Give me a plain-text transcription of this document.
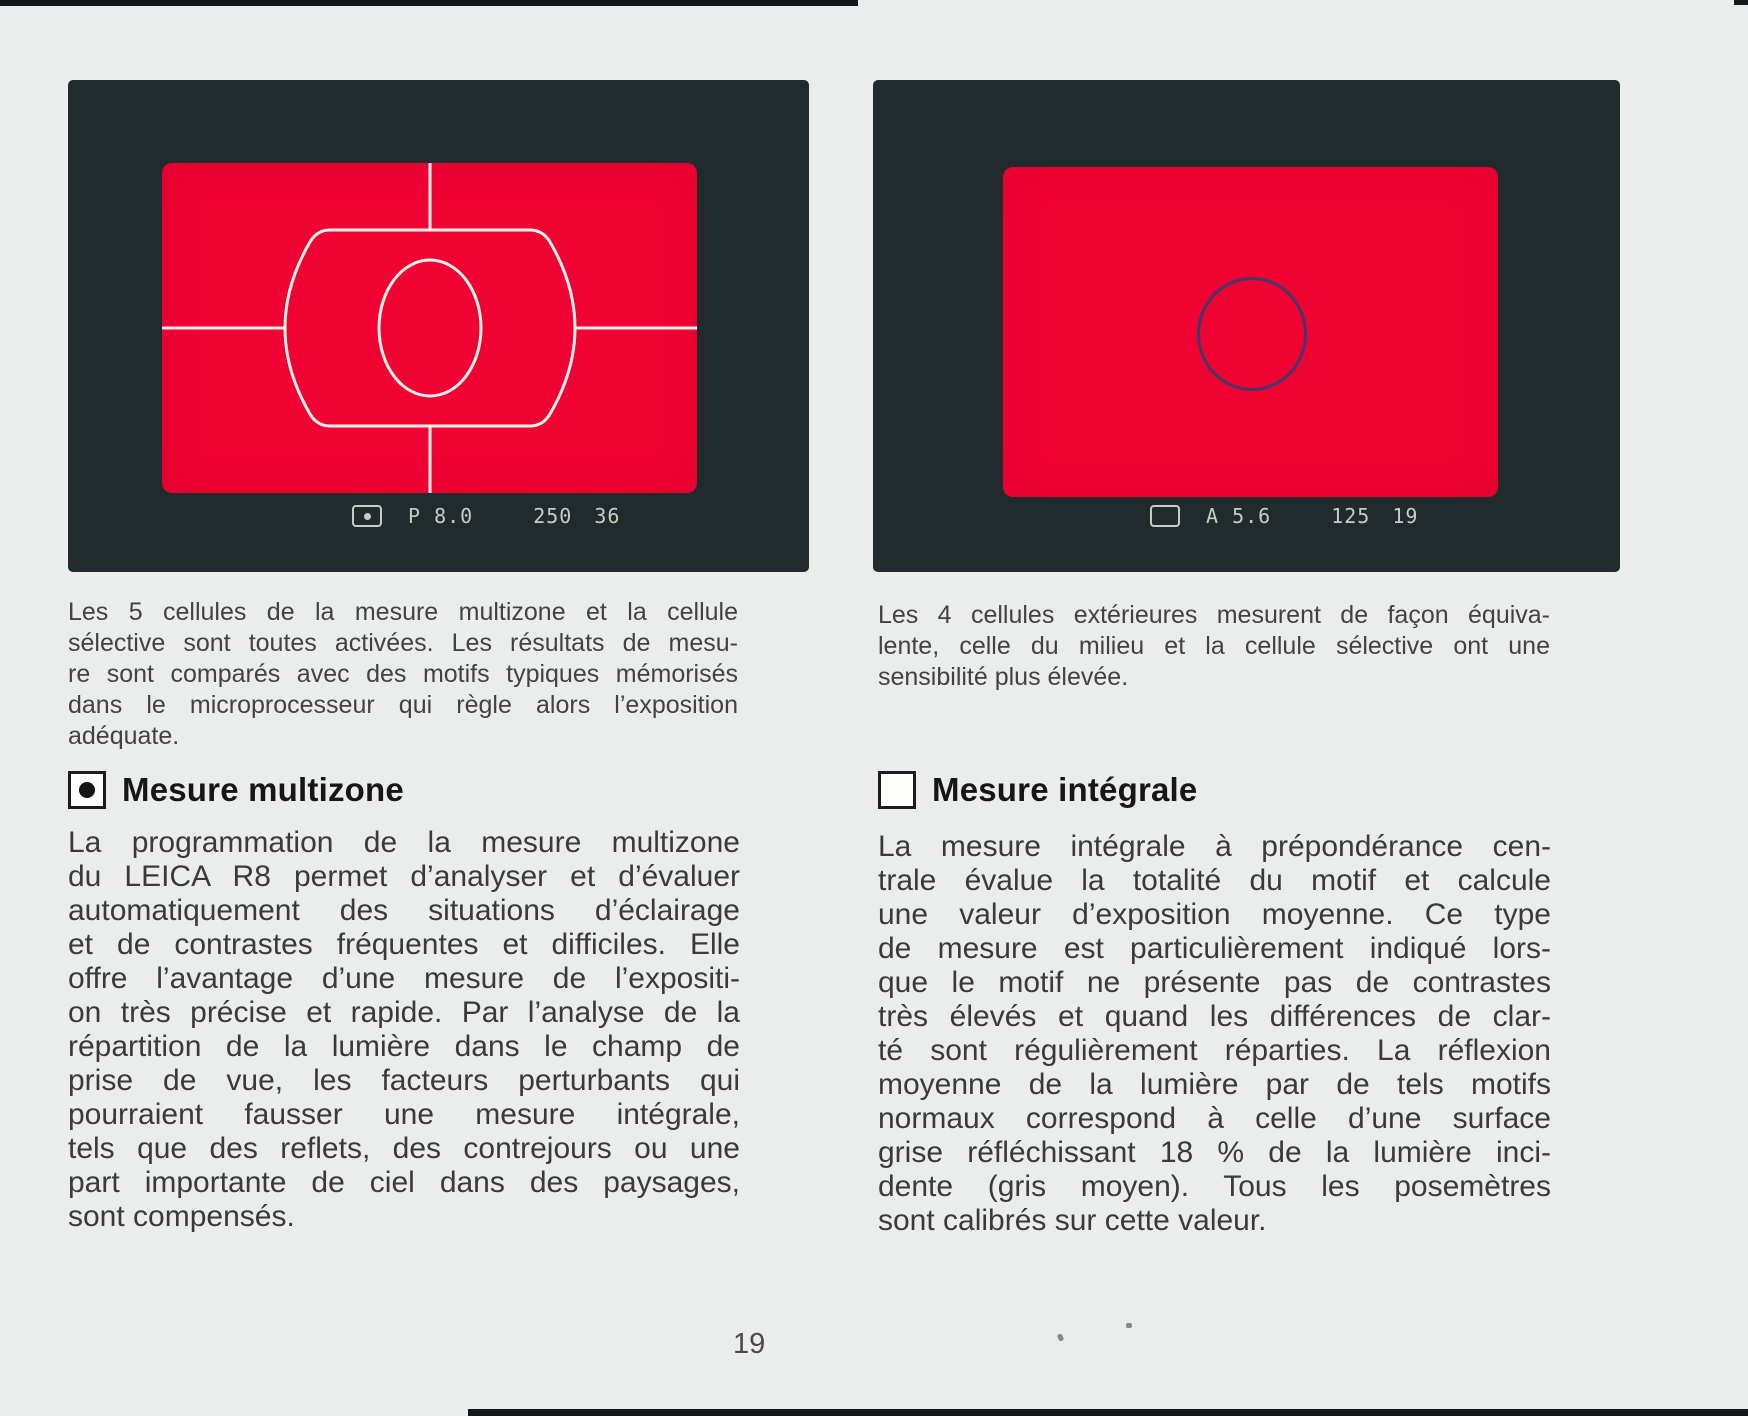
P 8.0	250 36	A 5.6	125 19
Les 5 cellules de la mesure multizone et la cellule
sélective sont toutes activées. Les résultats de mesu-
re sont comparés avec des motifs typiques mémorisés
dans le microprocesseur qui règle alors l’exposition
adéquate.
Les 4 cellules extérieures mesurent de façon équiva-
lente, celle du milieu et la cellule sélective ont une
sensibilité plus élevée.
Mesure multizone	Mesure intégrale
La programmation de la mesure multizone
du LEICA R8 permet d’analyser et d’évaluer
automatiquement des situations d’éclairage
et de contrastes fréquentes et difficiles. Elle
offre l’avantage d’une mesure de l’expositi-
on très précise et rapide. Par l’analyse de la
répartition de la lumière dans le champ de
prise de vue, les facteurs perturbants qui
pourraient fausser une mesure intégrale,
tels que des reflets, des contrejours ou une
part importante de ciel dans des paysages,
sont compensés.
La mesure intégrale à prépondérance cen-
trale évalue la totalité du motif et calcule
une valeur d’exposition moyenne. Ce type
de mesure est particulièrement indiqué lors-
que le motif ne présente pas de contrastes
très élevés et quand les différences de clar-
té sont régulièrement réparties. La réflexion
moyenne de la lumière par de tels motifs
normaux correspond à celle d’une surface
grise réfléchissant 18 % de la lumière inci-
dente (gris moyen). Tous les posemètres
sont calibrés sur cette valeur.
19
